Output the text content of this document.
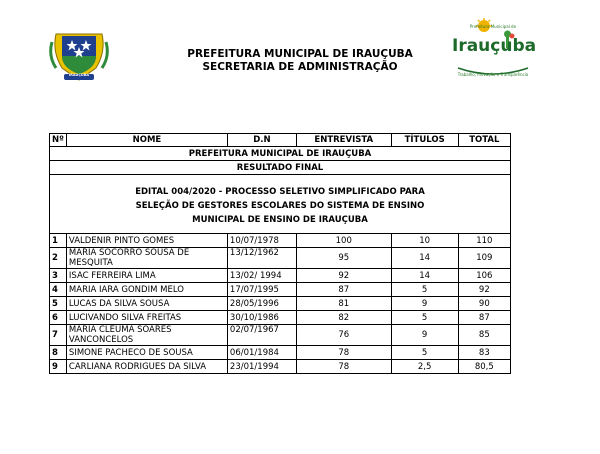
IRAUÇUBA
PREFEITURA MUNICIPAL DE IRAUÇUBA
SECRETARIA DE ADMINISTRAÇÃO
Prefeitura Municipal de
Irauçuba
Trabalho, Inovação e Transparência
PREFEITURA MUNICIPAL DE IRAUÇUBA					
RESULTADO FINAL					

EDITAL 004/2020 - PROCESSO SELETIVO SIMPLIFICADO PARA
SELEÇÃO DE GESTORES ESCOLARES DO SISTEMA DE ENSINO
MUNICIPAL DE ENSINO DE IRAUÇUBA					

Nº	NOME	D.N	ENTREVISTA	TÍTULOS	TOTAL
1	VALDENIR PINTO GOMES	10/07/1978	100	10	110
2	MARIA SOCORRO SOUSA DE MESQUITA	13/12/1962	95	14	109
3	ISAC FERREIRA LIMA	13/02/ 1994	92	14	106
4	MARIA IARA GONDIM MELO	17/07/1995	87	5	92
5	LUCAS DA SILVA SOUSA	28/05/1996	81	9	90
6	LUCIVANDO SILVA FREITAS	30/10/1986	82	5	87
7	MARIA CLEUMA SOARES VANCONCELOS	02/07/1967	76	9	85
8	SIMONE PACHECO DE SOUSA	06/01/1984	78	5	83
9	CARLIANA RODRIGUES DA SILVA	23/01/1994	78	2,5	80,5
